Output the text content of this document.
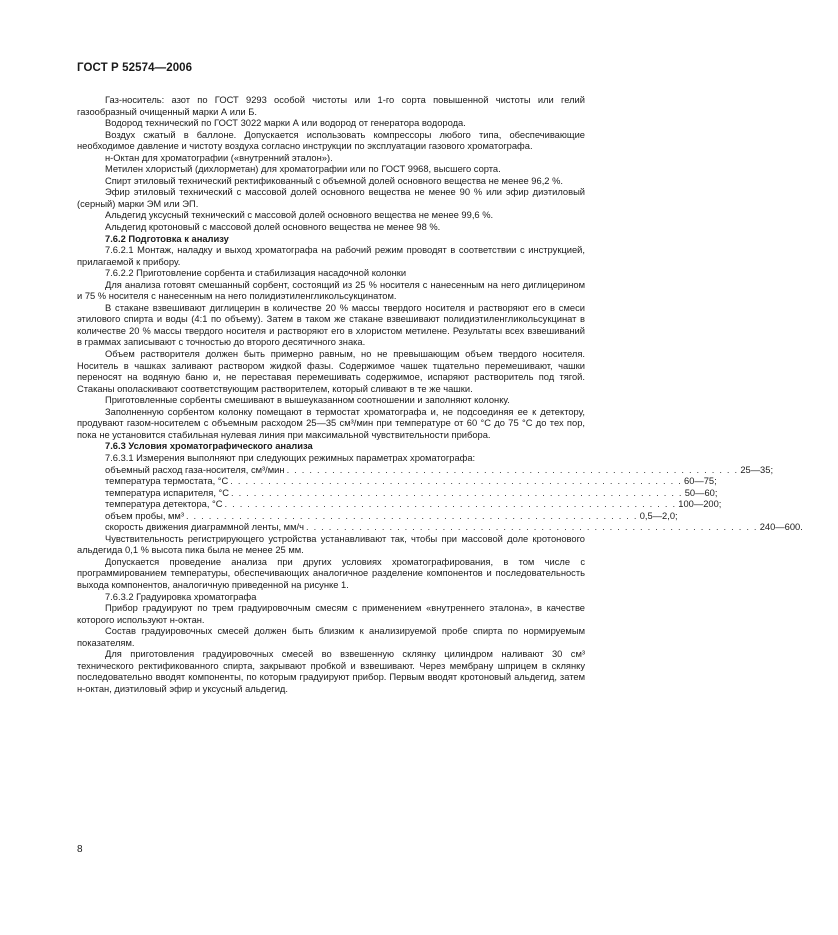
ГОСТ Р 52574—2006

Газ-носитель: азот по ГОСТ 9293 особой чистоты или 1-го сорта повышенной чистоты или гелий газообразный очищенный марки А или Б.

Водород технический по ГОСТ 3022 марки А или водород от генератора водорода.

Воздух сжатый в баллоне. Допускается использовать компрессоры любого типа, обеспечивающие необходимое давление и чистоту воздуха согласно инструкции по эксплуатации газового хроматографа.

н-Октан для хроматографии («внутренний эталон»).

Метилен хлористый (дихлорметан) для хроматографии или по ГОСТ 9968, высшего сорта.

Спирт этиловый технический ректификованный с объемной долей основного вещества не менее 96,2 %.

Эфир этиловый технический с массовой долей основного вещества не менее 90 % или эфир диэтиловый (серный) марки ЭМ или ЭП.

Альдегид уксусный технический с массовой долей основного вещества не менее 99,6 %.

Альдегид кротоновый с массовой долей основного вещества не менее 98 %.

7.6.2 Подготовка к анализу

7.6.2.1 Монтаж, наладку и выход хроматографа на рабочий режим проводят в соответствии с инструкцией, прилагаемой к прибору.

7.6.2.2 Приготовление сорбента и стабилизация насадочной колонки

Для анализа готовят смешанный сорбент, состоящий из 25 % носителя с нанесенным на него диглицерином и 75 % носителя с нанесенным на него полидиэтиленгликольсукцинатом.

В стакане взвешивают диглицерин в количестве 20 % массы твердого носителя и растворяют его в смеси этилового спирта и воды (4:1 по объему). Затем в таком же стакане взвешивают полидиэтиленгликольсукцинат в количестве 20 % массы твердого носителя и растворяют его в хлористом метилене. Результаты всех взвешиваний в граммах записывают с точностью до второго десятичного знака.

Объем растворителя должен быть примерно равным, но не превышающим объем твердого носителя. Носитель в чашках заливают раствором жидкой фазы. Содержимое чашек тщательно перемешивают, чашки переносят на водяную баню и, не переставая перемешивать содержимое, испаряют растворитель под тягой. Стаканы ополаскивают соответствующим растворителем, который сливают в те же чашки.

Приготовленные сорбенты смешивают в вышеуказанном соотношении и заполняют колонку.

Заполненную сорбентом колонку помещают в термостат хроматографа и, не подсоединяя ее к детектору, продувают газом-носителем с объемным расходом 25—35 см³/мин при температуре от 60 °С до 75 °С до тех пор, пока не установится стабильная нулевая линия при максимальной чувствительности прибора.

7.6.3 Условия хроматографического анализа

7.6.3.1 Измерения выполняют при следующих режимных параметрах хроматографа:

объемный расход газа-носителя, см³/мин . . . . . . . . . . . . . . . . . . . . . . . . . . . . . . . . . . . . . . . . . . . . . . . . . . . . . . . . . . . . 25—35;
температура термостата, °С . . . . . . . . . . . . . . . . . . . . . . . . . . . . . . . . . . . . . . . . . . . . . . . . . . . . . . . . . . . . 60—75;
температура испарителя, °С . . . . . . . . . . . . . . . . . . . . . . . . . . . . . . . . . . . . . . . . . . . . . . . . . . . . . . . . . . . . 50—60;
температура детектора, °С . . . . . . . . . . . . . . . . . . . . . . . . . . . . . . . . . . . . . . . . . . . . . . . . . . . . . . . . . . . . 100—200;
объем пробы, мм³ . . . . . . . . . . . . . . . . . . . . . . . . . . . . . . . . . . . . . . . . . . . . . . . . . . . . . . . . . . . . 0,5—2,0;
скорость движения диаграммной ленты, мм/ч . . . . . . . . . . . . . . . . . . . . . . . . . . . . . . . . . . . . . . . . . . . . . . . . . . . . . . . . . . . . 240—600.

Чувствительность регистрирующего устройства устанавливают так, чтобы при массовой доле кротонового альдегида 0,1 % высота пика была не менее 25 мм.

Допускается проведение анализа при других условиях хроматографирования, в том числе с программированием температуры, обеспечивающих аналогичное разделение компонентов и последовательность выхода компонентов, аналогичную приведенной на рисунке 1.

7.6.3.2 Градуировка хроматографа

Прибор градуируют по трем градуировочным смесям с применением «внутреннего эталона», в качестве которого используют н-октан.

Состав градуировочных смесей должен быть близким к анализируемой пробе спирта по нормируемым показателям.

Для приготовления градуировочных смесей во взвешенную склянку цилиндром наливают 30 см³ технического ректификованного спирта, закрывают пробкой и взвешивают. Через мембрану шприцем в склянку последовательно вводят компоненты, по которым градуируют прибор. Первым вводят кротоновый альдегид, затем н-октан, диэтиловый эфир и уксусный альдегид.

8
